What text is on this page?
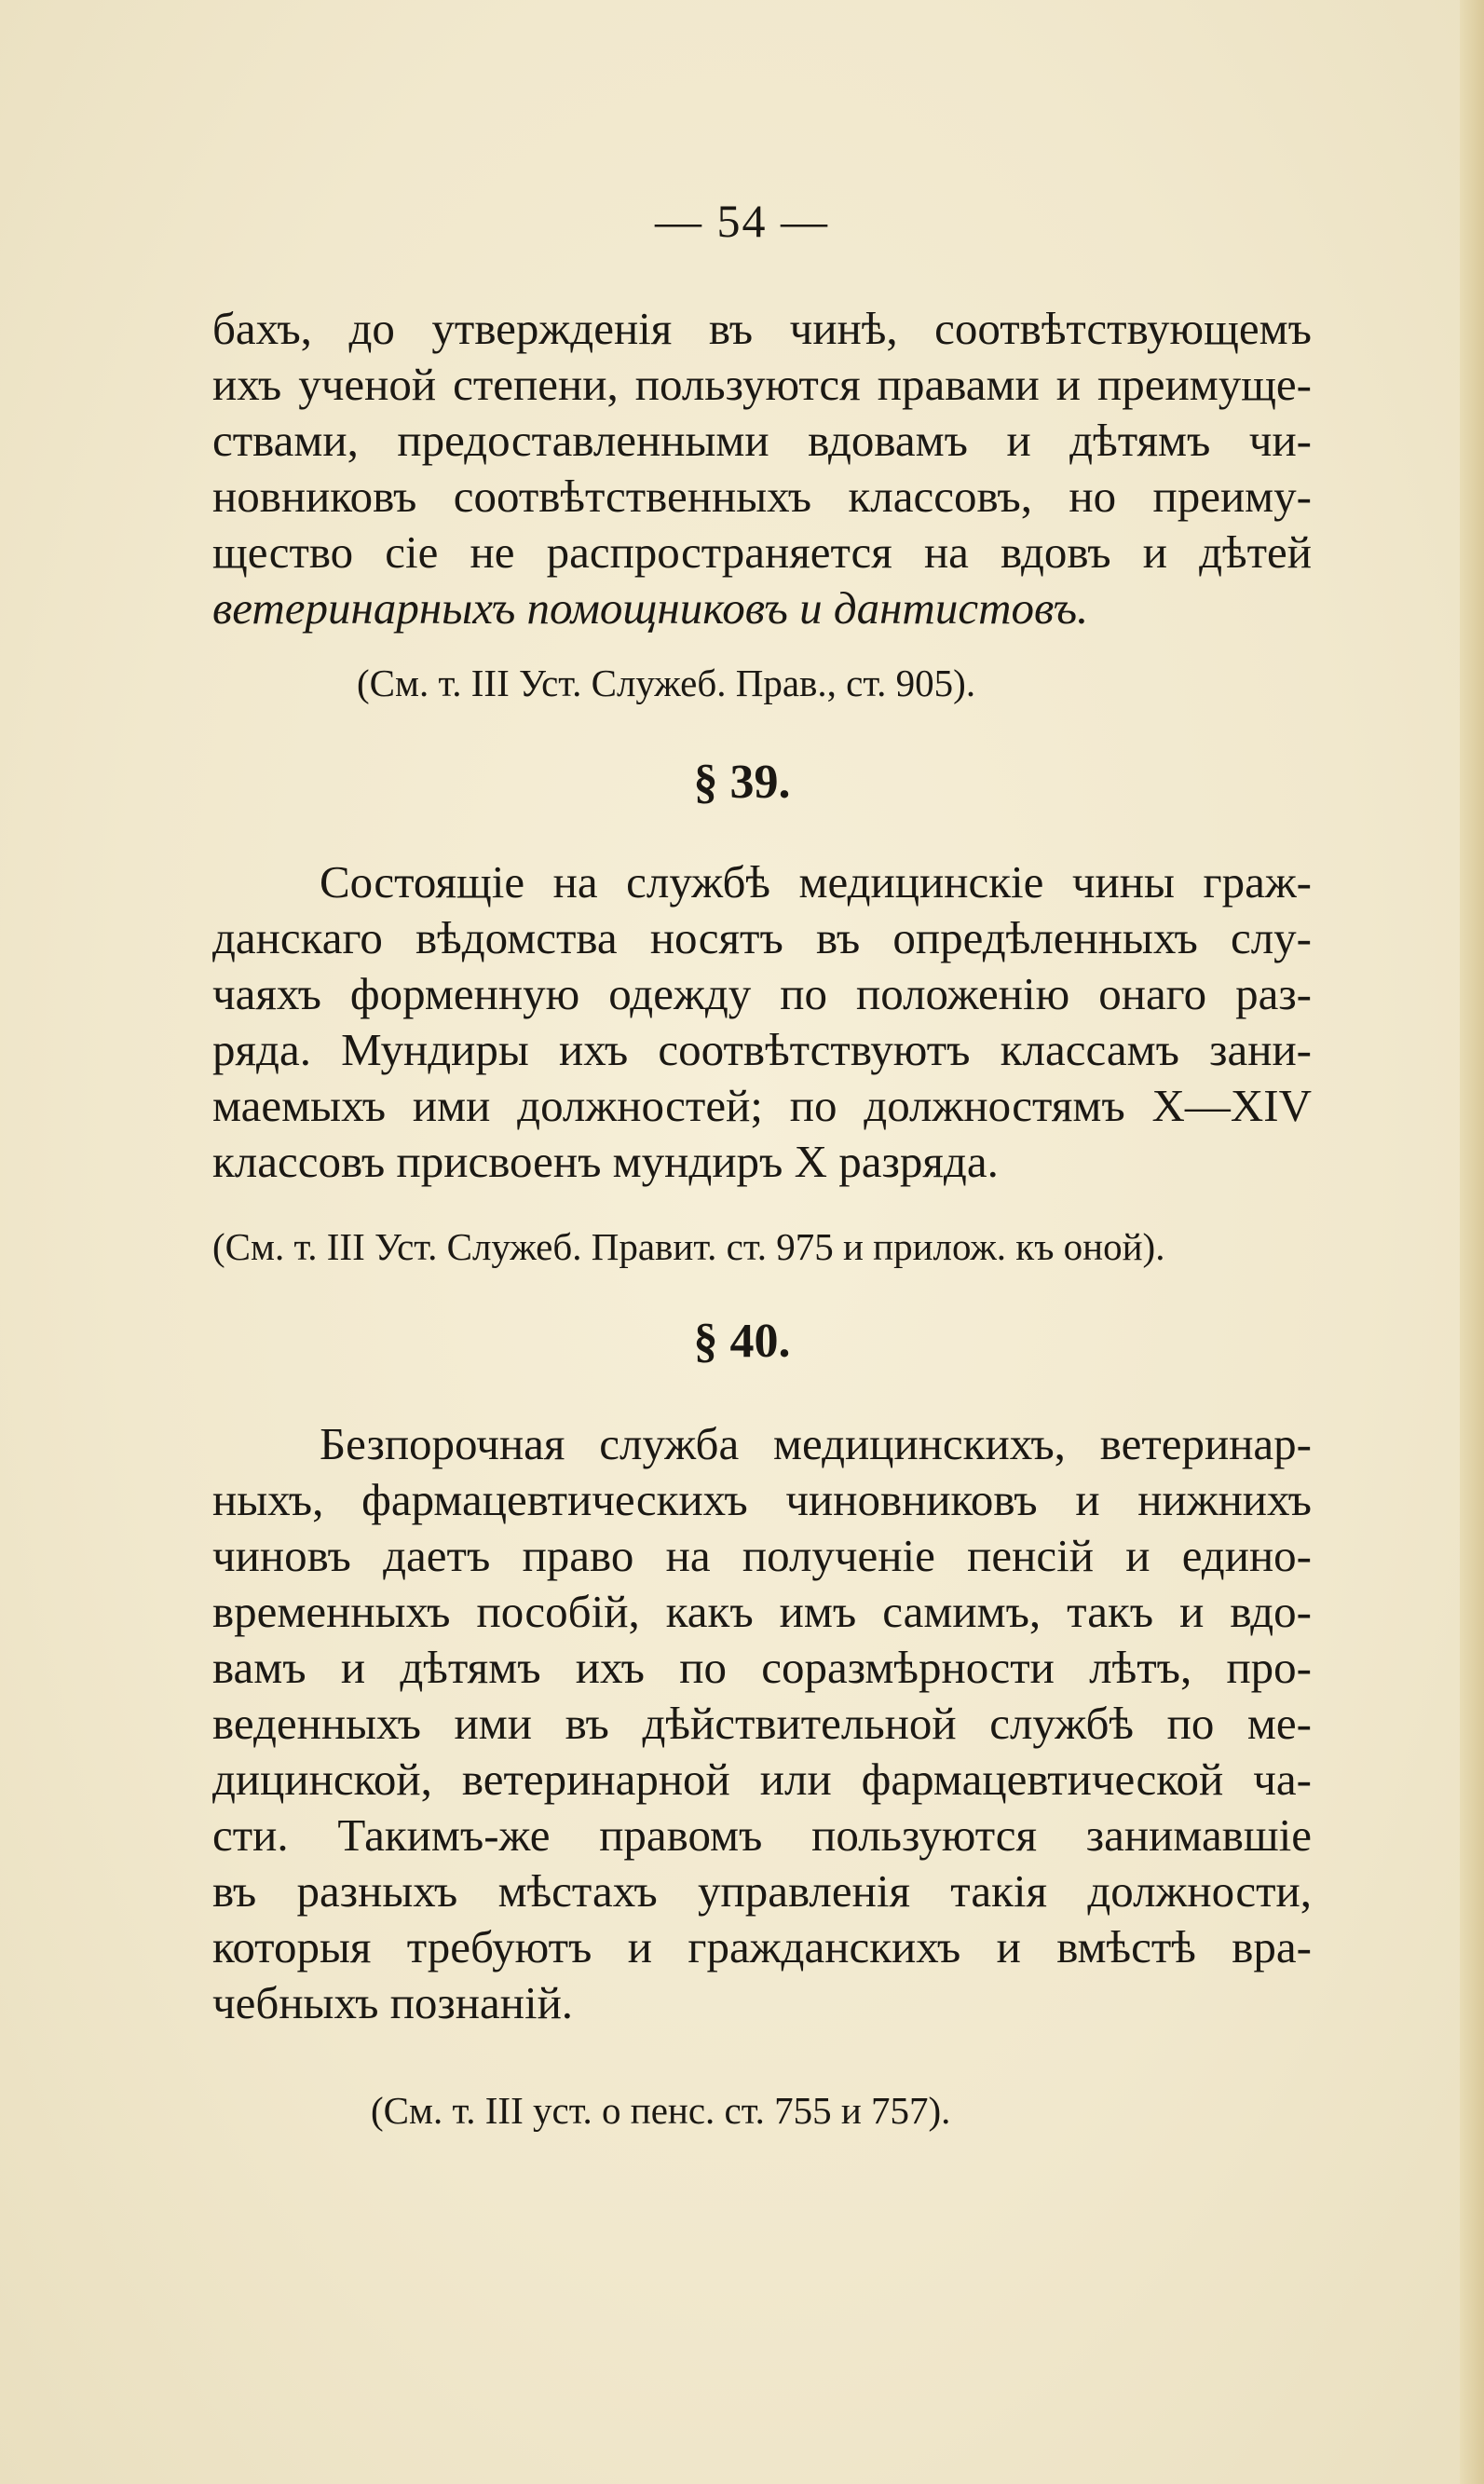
— 54 —
бахъ, до утвержденія въ чинѣ, соотвѣтствующемъ
ихъ ученой степени, пользуются правами и преимуще-
ствами, предоставленными вдовамъ и дѣтямъ чи-
новниковъ соотвѣтственныхъ классовъ, но преиму-
щество сіе не распространяется на вдовъ и дѣтей
ветеринарныхъ помощниковъ и дантистовъ.
(См. т. III Уст. Служеб. Прав., ст. 905).
§ 39.
Состоящіе на службѣ медицинскіе чины граж-
данскаго вѣдомства носятъ въ опредѣленныхъ слу-
чаяхъ форменную одежду по положенію онаго раз-
ряда. Мундиры ихъ соотвѣтствуютъ классамъ зани-
маемыхъ ими должностей; по должностямъ X—XIV
классовъ присвоенъ мундиръ X разряда.
(См. т. III Уст. Служеб. Правит. ст. 975 и прилож. къ оной).
§ 40.
Безпорочная служба медицинскихъ, ветеринар-
ныхъ, фармацевтическихъ чиновниковъ и нижнихъ
чиновъ даетъ право на полученіе пенсій и едино-
временныхъ пособій, какъ имъ самимъ, такъ и вдо-
вамъ и дѣтямъ ихъ по соразмѣрности лѣтъ, про-
веденныхъ ими въ дѣйствительной службѣ по ме-
дицинской, ветеринарной или фармацевтической ча-
сти. Такимъ-же правомъ пользуются занимавшіе
въ разныхъ мѣстахъ управленія такія должности,
которыя требуютъ и гражданскихъ и вмѣстѣ вра-
чебныхъ познаній.
(См. т. III уст. о пенс. ст. 755 и 757).
